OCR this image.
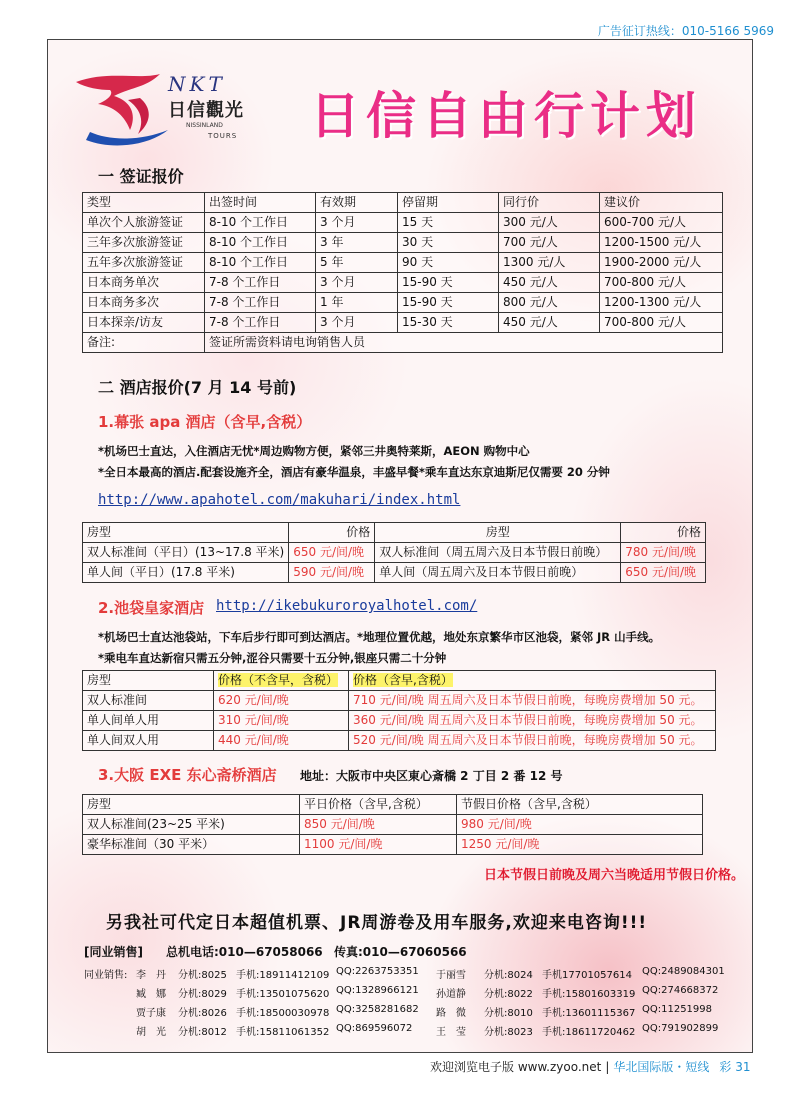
广告征订热线：010-5166 5969
NKT
日信觀光
NISSINLAND
TOURS 日信自由行计划
一 签证报价
类型	出签时间	有效期	停留期	同行价	建议价
单次个人旅游签证	8-10 个工作日	3 个月	15 天	300 元/人	600-700 元/人
三年多次旅游签证	8-10 个工作日	3 年	30 天	700 元/人	1200-1500 元/人
五年多次旅游签证	8-10 个工作日	5 年	90 天	1300 元/人	1900-2000 元/人
日本商务单次	7-8 个工作日	3 个月	15-90 天	450 元/人	700-800 元/人
日本商务多次	7-8 个工作日	1 年	15-90 天	800 元/人	1200-1300 元/人
日本探亲/访友	7-8 个工作日	3 个月	15-30 天	450 元/人	700-800 元/人
备注:	签证所需资料请电询销售人员				
二 酒店报价(7 月 14 号前)
1.幕张 apa 酒店（含早,含税）
*机场巴士直达，入住酒店无忧*周边购物方便，紧邻三井奥特莱斯，AEON 购物中心
*全日本最高的酒店.配套设施齐全，酒店有豪华温泉，丰盛早餐*乘车直达东京迪斯尼仅需要 20 分钟
http://www.apahotel.com/makuhari/index.html
房型	价格	房型	价格
双人标准间（平日）(13~17.8 平米)	650 元/间/晚	双人标准间（周五周六及日本节假日前晚）	780 元/间/晚
单人间（平日）(17.8 平米)	590 元/间/晚	单人间（周五周六及日本节假日前晚）	650 元/间/晚
2.池袋皇家酒店 http://ikebukuroroyalhotel.com/
*机场巴士直达池袋站，下车后步行即可到达酒店。*地理位置优越，地处东京繁华市区池袋，紧邻 JR 山手线。
*乘电车直达新宿只需五分钟,涩谷只需要十五分钟,银座只需二十分钟
房型	价格（不含早，含税）	价格（含早,含税）
双人标准间	620 元/间/晚	710 元/间/晚 周五周六及日本节假日前晚，每晚房费增加 50 元。
单人间单人用	310 元/间/晚	360 元/间/晚 周五周六及日本节假日前晚，每晚房费增加 50 元。
单人间双人用	440 元/间/晚	520 元/间/晚 周五周六及日本节假日前晚，每晚房费增加 50 元。
3.大阪 EXE 东心斋桥酒店 地址：大阪市中央区東心斎橋 2 丁目 2 番 12 号
房型	平日价格（含早,含税）	节假日价格（含早,含税）
双人标准间(23~25 平米)	850 元/间/晚	980 元/间/晚
豪华标准间（30 平米）	1100 元/间/晚	1250 元/间/晚
日本节假日前晚及周六当晚适用节假日价格。
另我社可代定日本超值机票、JR周游卷及用车服务,欢迎来电咨询!!!
[同业销售] 总机电话:010—67058066 传真:010—67060566
同业销售: 李　丹 分机:8025 手机:18911412109 QQ:2263753351 于丽雪 分机:8024 手机17701057614 QQ:2489084301
臧　娜 分机:8029 手机:13501075620 QQ:1328966121 孙道静 分机:8022 手机:15801603319 QQ:274668372
贾子康 分机:8026 手机:18500030978 QQ:3258281682 路　微 分机:8010 手机:13601115367 QQ:11251998
胡　光 分机:8012 手机:15811061352 QQ:869596072 王　莹 分机:8023 手机:18611720462 QQ:791902899
欢迎浏览电子版 www.zyoo.net | 华北国际版・短线 彩 31
